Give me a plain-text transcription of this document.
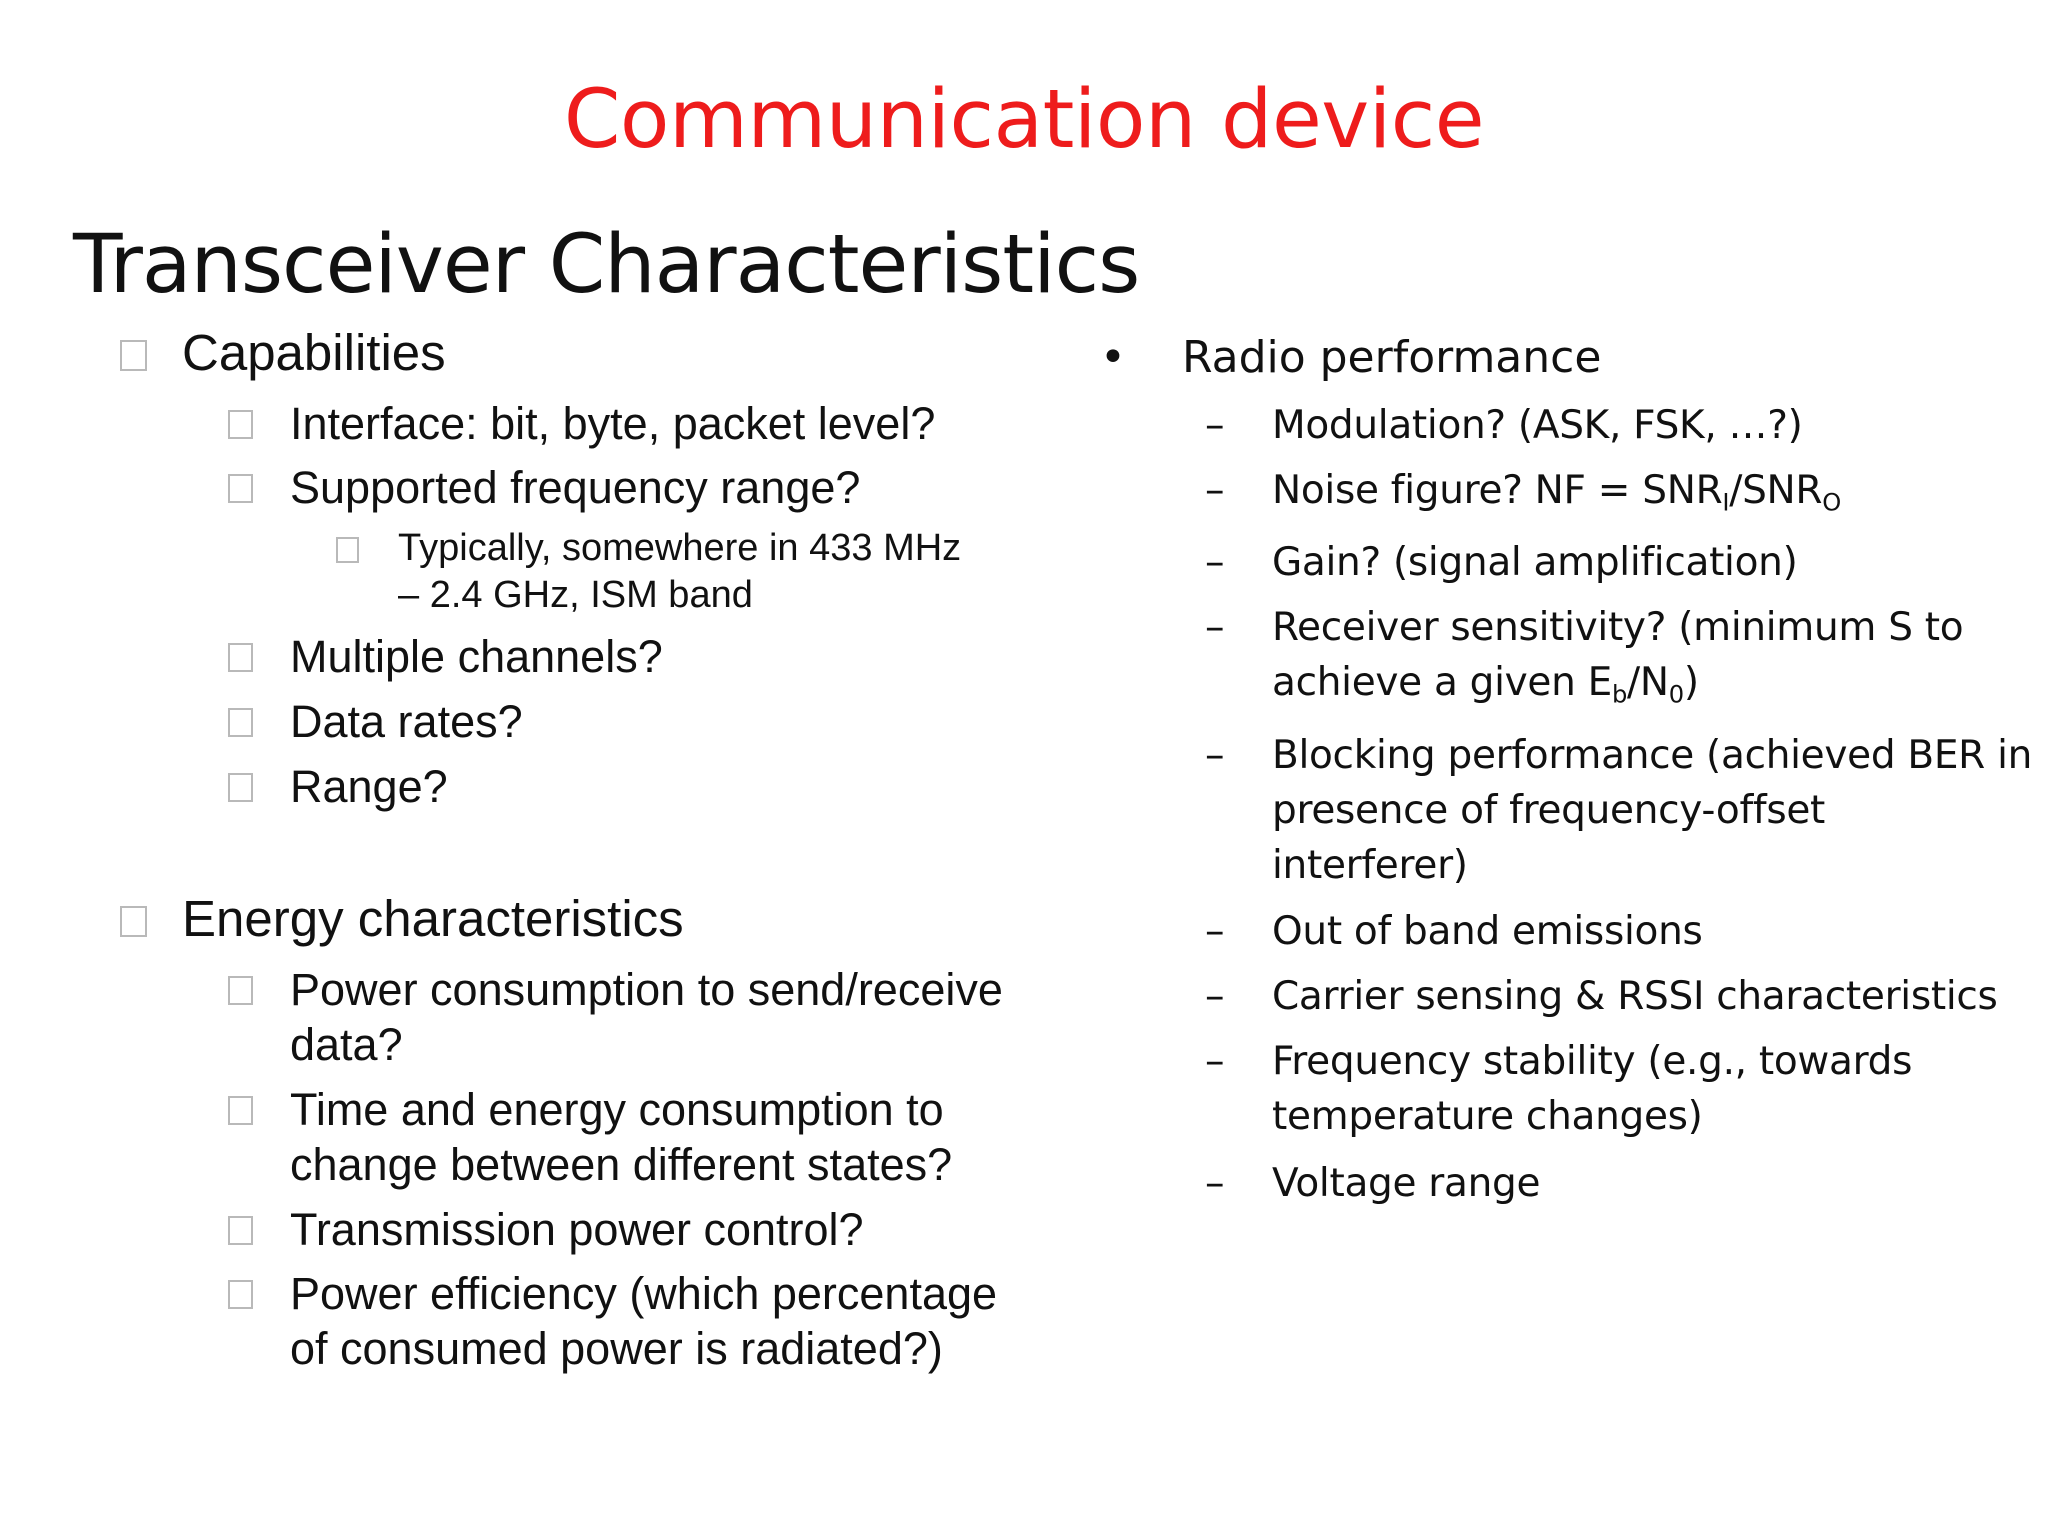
Communication device
Transceiver Characteristics
Capabilities
Interface: bit, byte, packet level?
Supported frequency range?
Typically, somewhere in 433 MHz
– 2.4 GHz, ISM band
Multiple channels?
Data rates?
Range?
Energy characteristics
Power consumption to send/receive
data?
Time and energy consumption to
change between different states?
Transmission power control?
Power efficiency (which percentage
of consumed power is radiated?)
• Radio performance
– Modulation? (ASK, FSK, …?)
– Noise figure? NF = $SNR_I/SNR_O$
– Gain? (signal amplification)
– Receiver sensitivity? (minimum S to
achieve a given $E_b/N_0$)
– Blocking performance (achieved BER in
presence of frequency-offset
interferer)
– Out of band emissions
– Carrier sensing & RSSI characteristics
– Frequency stability (e.g., towards
temperature changes)
– Voltage range
